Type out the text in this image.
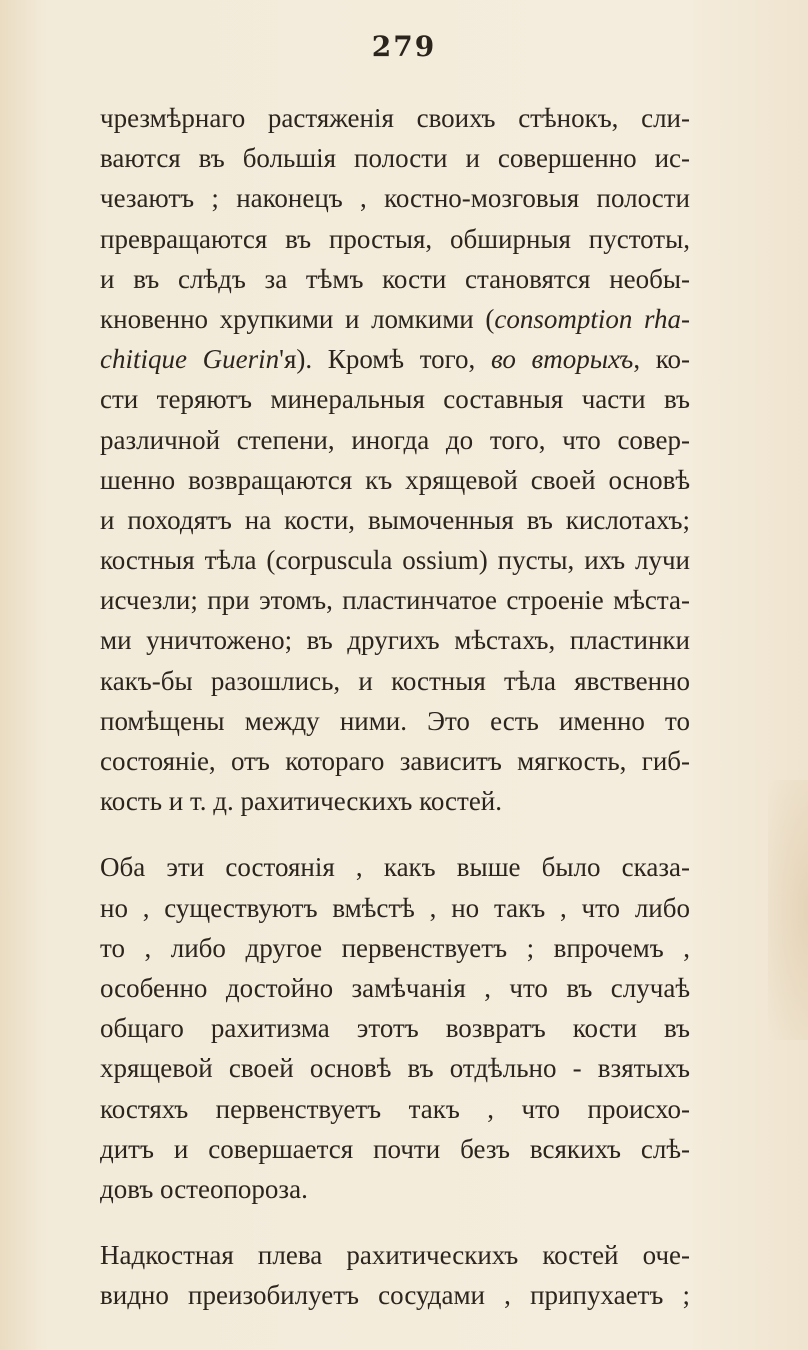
279

чрезмѣрнаго растяженія своихъ стѣнокъ, сли-
ваются въ большія полости и совершенно ис-
чезаютъ ; наконецъ , костно-мозговыя полости
превращаются въ простыя, обширныя пустоты,
и въ слѣдъ за тѣмъ кости становятся необы-
кновенно хрупкими и ломкими (consomption rha-
chitique Guerin'я). Кромѣ того, во вторыхъ, ко-
сти теряютъ минеральныя составныя части въ
различной степени, иногда до того, что совер-
шенно возвращаются къ хрящевой своей основѣ
и походятъ на кости, вымоченныя въ кислотахъ;
костныя тѣла (corpuscula ossium) пусты, ихъ лучи
исчезли; при этомъ, пластинчатое строеніе мѣста-
ми уничтожено; въ другихъ мѣстахъ, пластинки
какъ-бы разошлись, и костныя тѣла явственно
помѣщены между ними. Это есть именно то
состояніе, отъ котораго зависитъ мягкость, гиб-
кость и т. д. рахитическихъ костей.

Оба эти состоянія , какъ выше было сказа-
но , существуютъ вмѣстѣ , но такъ , что либо
то , либо другое первенствуетъ ; впрочемъ ,
особенно достойно замѣчанія , что въ случаѣ
общаго рахитизма этотъ возвратъ кости въ
хрящевой своей основѣ въ отдѣльно - взятыхъ
костяхъ первенствуетъ такъ , что происхо-
дитъ и совершается почти безъ всякихъ слѣ-
довъ остеопороза.

Надкостная плева рахитическихъ костей оче-
видно преизобилуетъ сосудами , припухаетъ ;
